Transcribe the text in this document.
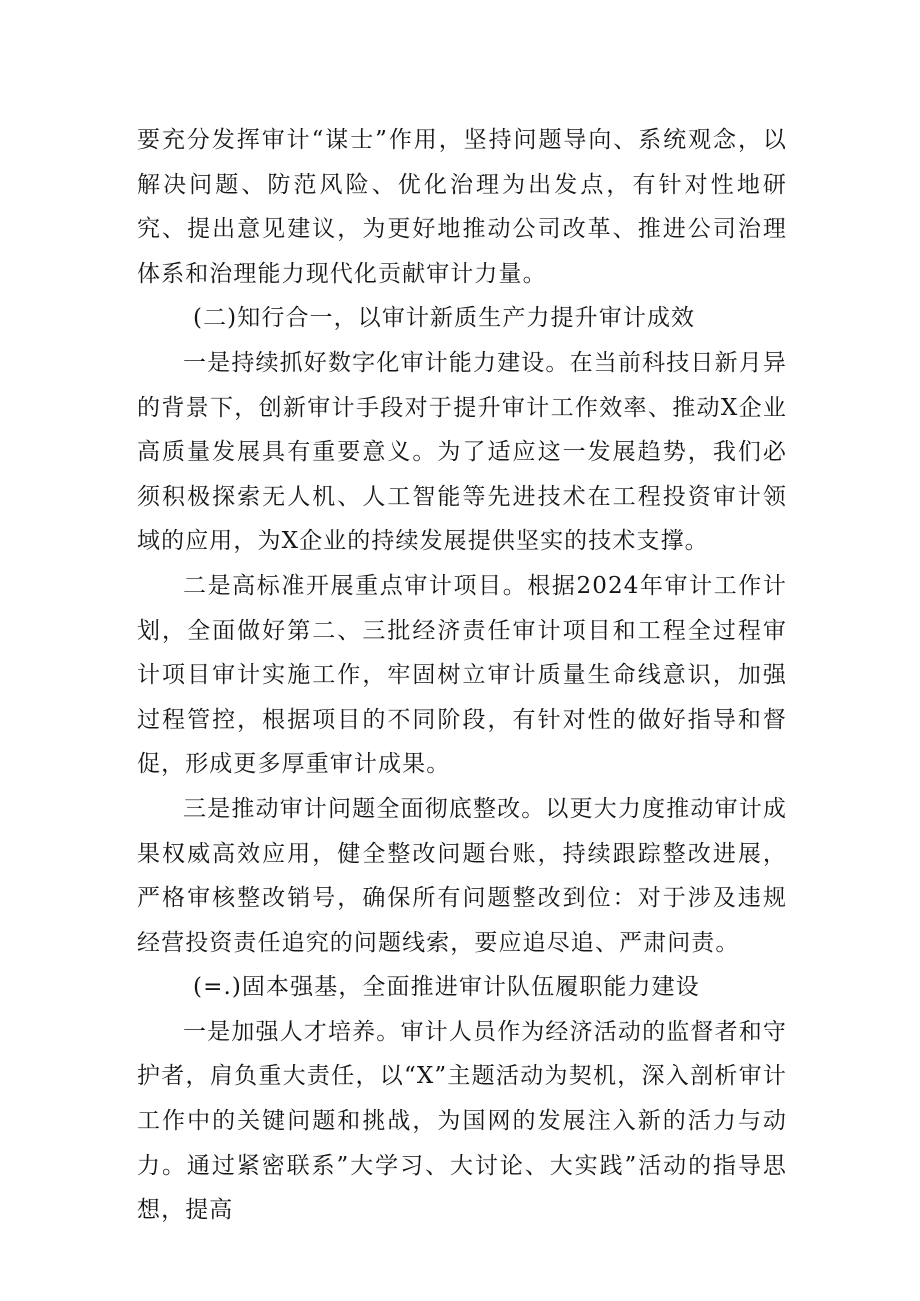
要充分发挥审计“谋士”作用，坚持问题导向、系统观念，以解决问题、防范风险、优化治理为出发点，有针对性地研究、提出意见建议，为更好地推动公司改革、推进公司治理体系和治理能力现代化贡献审计力量。

(二)知行合一，以审计新质生产力提升审计成效

一是持续抓好数字化审计能力建设。在当前科技日新月异的背景下，创新审计手段对于提升审计工作效率、推动X企业高质量发展具有重要意义。为了适应这一发展趋势，我们必须积极探索无人机、人工智能等先进技术在工程投资审计领域的应用，为X企业的持续发展提供坚实的技术支撑。

二是高标准开展重点审计项目。根据2024年审计工作计划，全面做好第二、三批经济责任审计项目和工程全过程审计项目审计实施工作，牢固树立审计质量生命线意识，加强过程管控，根据项目的不同阶段，有针对性的做好指导和督促，形成更多厚重审计成果。

三是推动审计问题全面彻底整改。以更大力度推动审计成果权威高效应用，健全整改问题台账，持续跟踪整改进展，严格审核整改销号，确保所有问题整改到位：对于涉及违规经营投资责任追究的问题线索，要应追尽追、严肃问责。

(=.)固本强基，全面推进审计队伍履职能力建设

一是加强人才培养。审计人员作为经济活动的监督者和守护者，肩负重大责任，以“X”主题活动为契机，深入剖析审计工作中的关键问题和挑战，为国网的发展注入新的活力与动力。通过紧密联系”大学习、大讨论、大实践”活动的指导思想，提高
